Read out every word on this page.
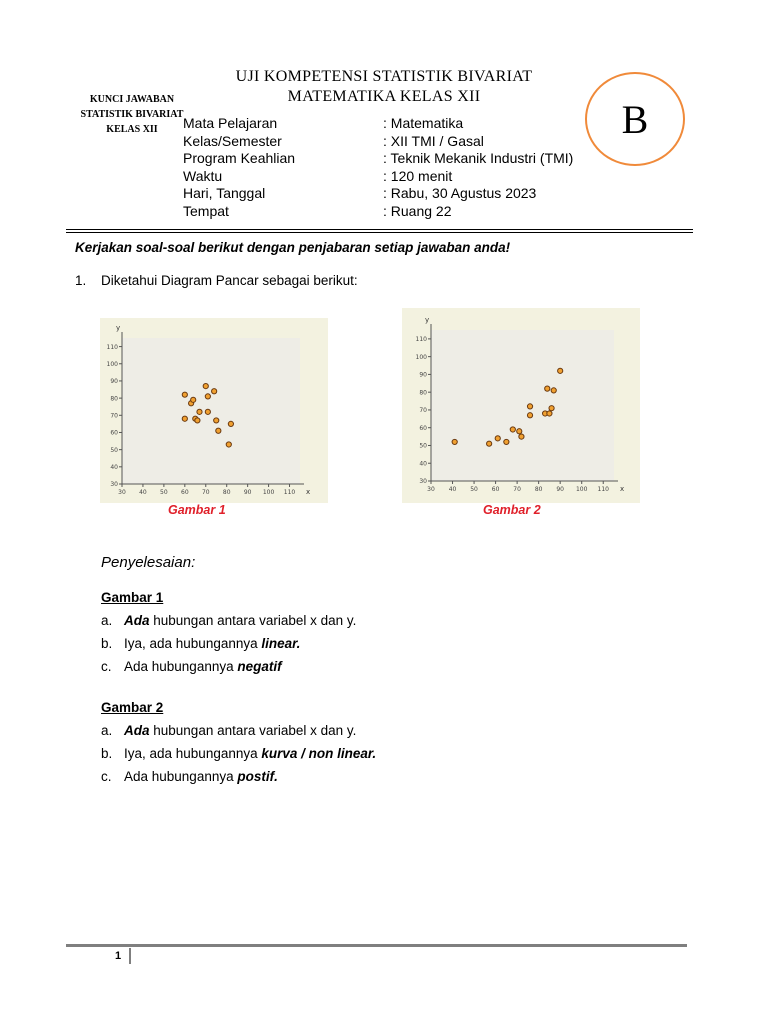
UJI KOMPETENSI STATISTIK BIVARIAT
MATEMATIKA KELAS XII
KUNCI JAWABAN
STATISTIK BIVARIAT
KELAS XII	B
Mata Pelajaran
Kelas/Semester
Program Keahlian
Waktu
Hari, Tanggal
Tempat
: Matematika
: XII TMI / Gasal
: Teknik Mekanik Industri (TMI)
: 120 menit
: Rabu, 30 Agustus 2023
: Ruang 22
Kerjakan soal-soal berikut dengan penjabaran setiap jawaban anda!
1. Diketahui Diagram Pancar sebagai berikut:
30
40
50
60
70
80
90
100
110
30 40 50 60 70 80 90 100 110
y
x
30
40
50
60
70
80
90
100
110
30 40 50 60 70 80 90 100 110
y
x
Gambar 1	Gambar 2
Penyelesaian:
Gambar 1
a. Ada hubungan antara variabel x dan y.
b. Iya, ada hubungannya linear.
c. Ada hubungannya negatif
Gambar 2
a. Ada hubungan antara variabel x dan y.
b. Iya, ada hubungannya kurva / non linear.
c. Ada hubungannya postif.
1
